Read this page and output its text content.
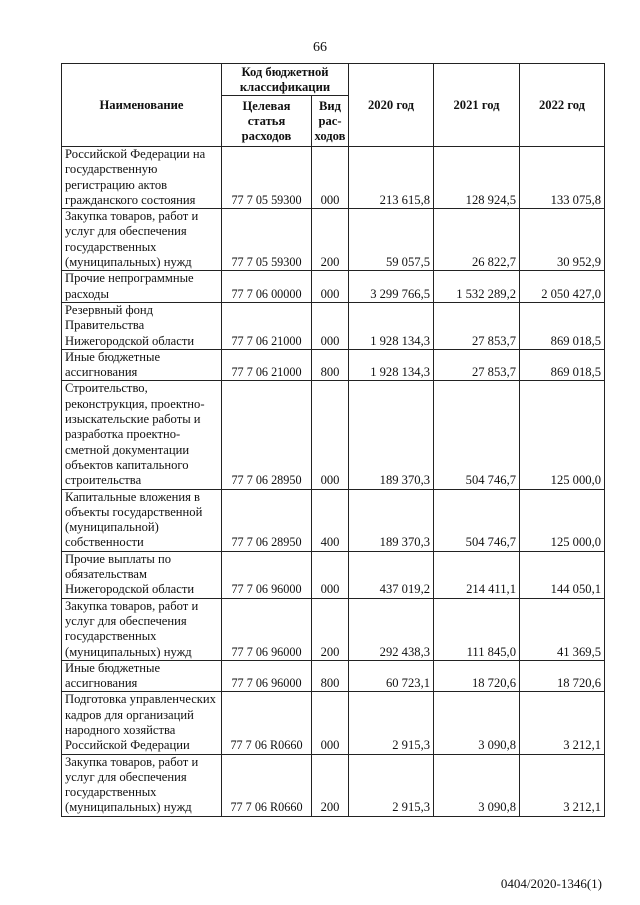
66
Наименование	Код бюджетной классификации		2020 год	2021 год	2022 год
	Целевая статья расходов	Вид рас-ходов			
Российской Федерации на государственную регистрацию актов гражданского состояния	77 7 05 59300	000	213 615,8	128 924,5	133 075,8
Закупка товаров, работ и услуг для обеспечения государственных (муниципальных) нужд	77 7 05 59300	200	59 057,5	26 822,7	30 952,9
Прочие непрограммные расходы	77 7 06 00000	000	3 299 766,5	1 532 289,2	2 050 427,0
Резервный фонд Правительства Нижегородской области	77 7 06 21000	000	1 928 134,3	27 853,7	869 018,5
Иные бюджетные ассигнования	77 7 06 21000	800	1 928 134,3	27 853,7	869 018,5
Строительство, реконструкция, проектно-изыскательские работы и разработка проектно-сметной документации объектов капитального строительства	77 7 06 28950	000	189 370,3	504 746,7	125 000,0
Капитальные вложения в объекты государственной (муниципальной) собственности	77 7 06 28950	400	189 370,3	504 746,7	125 000,0
Прочие выплаты по обязательствам Нижегородской области	77 7 06 96000	000	437 019,2	214 411,1	144 050,1
Закупка товаров, работ и услуг для обеспечения государственных (муниципальных) нужд	77 7 06 96000	200	292 438,3	111 845,0	41 369,5
Иные бюджетные ассигнования	77 7 06 96000	800	60 723,1	18 720,6	18 720,6
Подготовка управленческих кадров для организаций народного хозяйства Российской Федерации	77 7 06 R0660	000	2 915,3	3 090,8	3 212,1
Закупка товаров, работ и услуг для обеспечения государственных (муниципальных) нужд	77 7 06 R0660	200	2 915,3	3 090,8	3 212,1
0404/2020-1346(1)
